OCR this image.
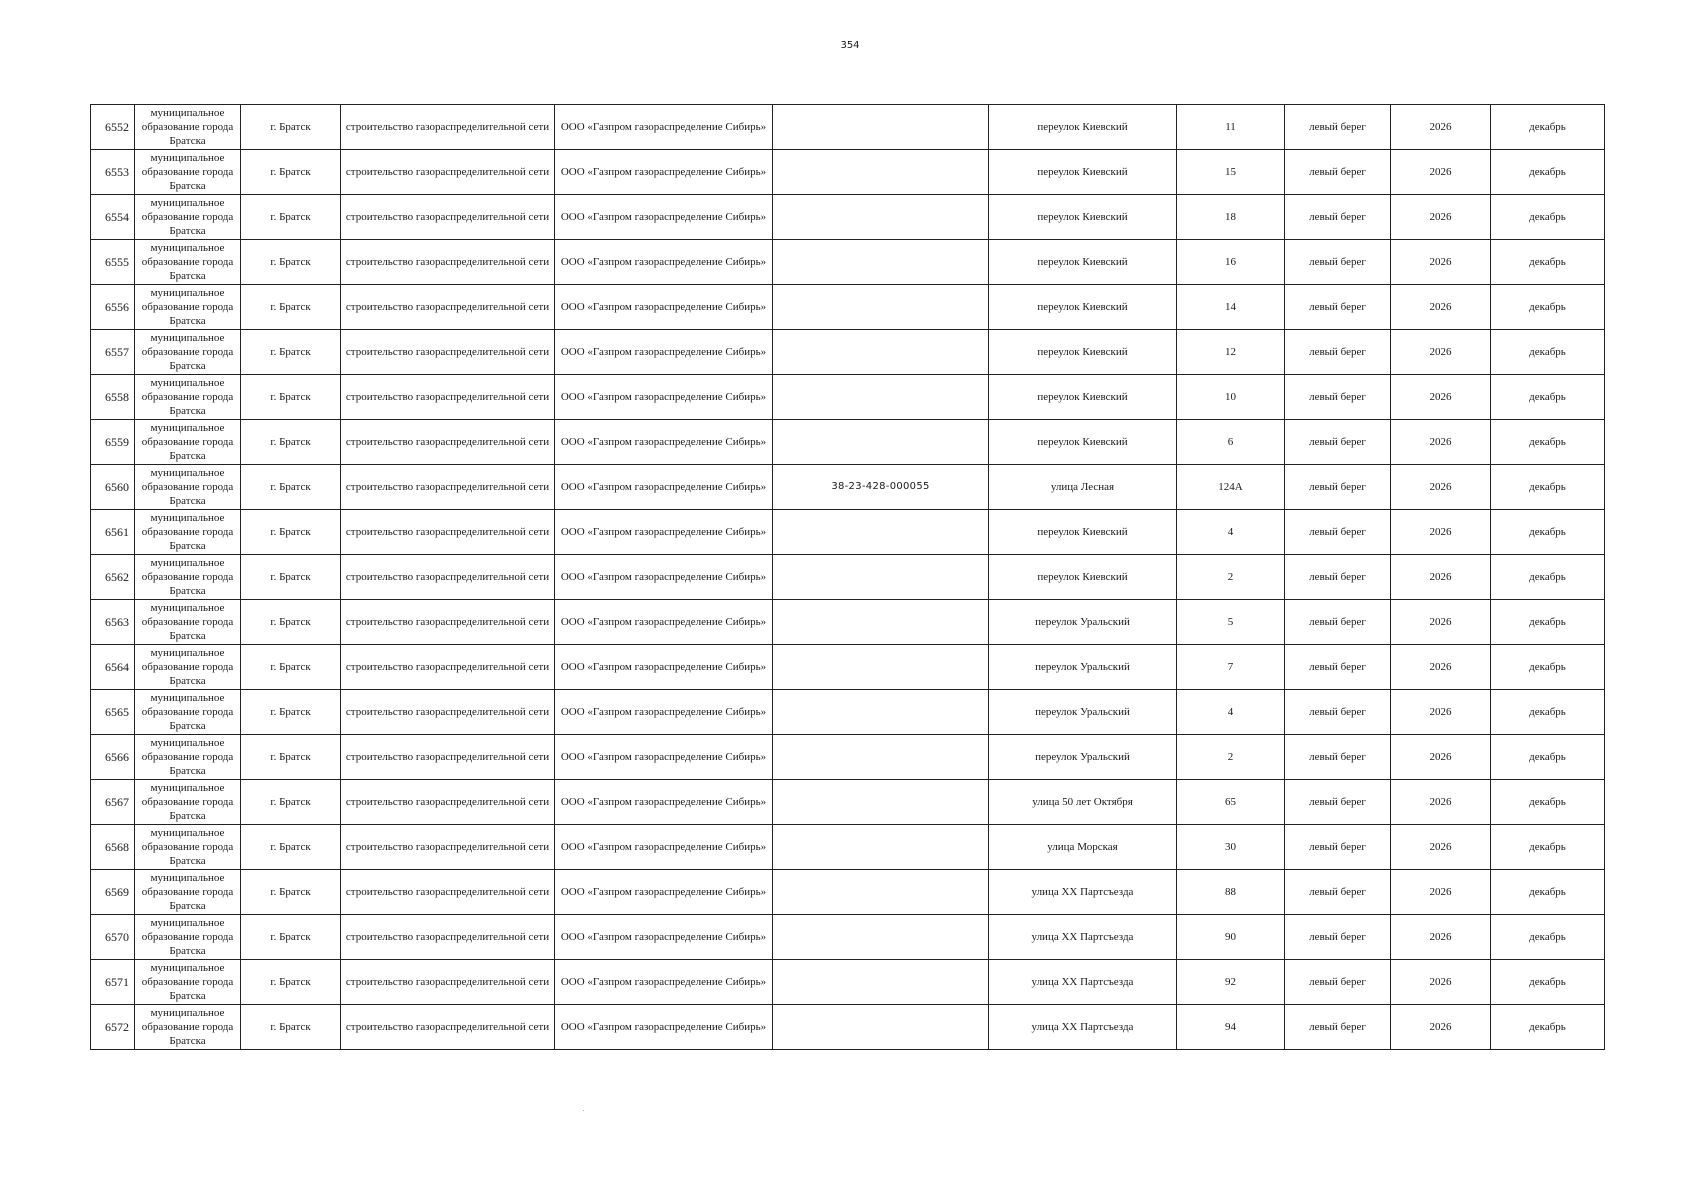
354
6552	муниципальное образование города Братска	г. Братск	строительство газораспределительной сети	ООО «Газпром газораспределение Сибирь»		переулок Киевский	11	левый берег	2026	декабрь
6553	муниципальное образование города Братска	г. Братск	строительство газораспределительной сети	ООО «Газпром газораспределение Сибирь»		переулок Киевский	15	левый берег	2026	декабрь
6554	муниципальное образование города Братска	г. Братск	строительство газораспределительной сети	ООО «Газпром газораспределение Сибирь»		переулок Киевский	18	левый берег	2026	декабрь
6555	муниципальное образование города Братска	г. Братск	строительство газораспределительной сети	ООО «Газпром газораспределение Сибирь»		переулок Киевский	16	левый берег	2026	декабрь
6556	муниципальное образование города Братска	г. Братск	строительство газораспределительной сети	ООО «Газпром газораспределение Сибирь»		переулок Киевский	14	левый берег	2026	декабрь
6557	муниципальное образование города Братска	г. Братск	строительство газораспределительной сети	ООО «Газпром газораспределение Сибирь»		переулок Киевский	12	левый берег	2026	декабрь
6558	муниципальное образование города Братска	г. Братск	строительство газораспределительной сети	ООО «Газпром газораспределение Сибирь»		переулок Киевский	10	левый берег	2026	декабрь
6559	муниципальное образование города Братска	г. Братск	строительство газораспределительной сети	ООО «Газпром газораспределение Сибирь»		переулок Киевский	6	левый берег	2026	декабрь
6560	муниципальное образование города Братска	г. Братск	строительство газораспределительной сети	ООО «Газпром газораспределение Сибирь»	38-23-428-000055	улица Лесная	124А	левый берег	2026	декабрь
6561	муниципальное образование города Братска	г. Братск	строительство газораспределительной сети	ООО «Газпром газораспределение Сибирь»		переулок Киевский	4	левый берег	2026	декабрь
6562	муниципальное образование города Братска	г. Братск	строительство газораспределительной сети	ООО «Газпром газораспределение Сибирь»		переулок Киевский	2	левый берег	2026	декабрь
6563	муниципальное образование города Братска	г. Братск	строительство газораспределительной сети	ООО «Газпром газораспределение Сибирь»		переулок Уральский	5	левый берег	2026	декабрь
6564	муниципальное образование города Братска	г. Братск	строительство газораспределительной сети	ООО «Газпром газораспределение Сибирь»		переулок Уральский	7	левый берег	2026	декабрь
6565	муниципальное образование города Братска	г. Братск	строительство газораспределительной сети	ООО «Газпром газораспределение Сибирь»		переулок Уральский	4	левый берег	2026	декабрь
6566	муниципальное образование города Братска	г. Братск	строительство газораспределительной сети	ООО «Газпром газораспределение Сибирь»		переулок Уральский	2	левый берег	2026	декабрь
6567	муниципальное образование города Братска	г. Братск	строительство газораспределительной сети	ООО «Газпром газораспределение Сибирь»		улица 50 лет Октября	65	левый берег	2026	декабрь
6568	муниципальное образование города Братска	г. Братск	строительство газораспределительной сети	ООО «Газпром газораспределение Сибирь»		улица Морская	30	левый берег	2026	декабрь
6569	муниципальное образование города Братска	г. Братск	строительство газораспределительной сети	ООО «Газпром газораспределение Сибирь»		улица XX Партсъезда	88	левый берег	2026	декабрь
6570	муниципальное образование города Братска	г. Братск	строительство газораспределительной сети	ООО «Газпром газораспределение Сибирь»		улица XX Партсъезда	90	левый берег	2026	декабрь
6571	муниципальное образование города Братска	г. Братск	строительство газораспределительной сети	ООО «Газпром газораспределение Сибирь»		улица XX Партсъезда	92	левый берег	2026	декабрь
6572	муниципальное образование города Братска	г. Братск	строительство газораспределительной сети	ООО «Газпром газораспределение Сибирь»		улица XX Партсъезда	94	левый берег	2026	декабрь
